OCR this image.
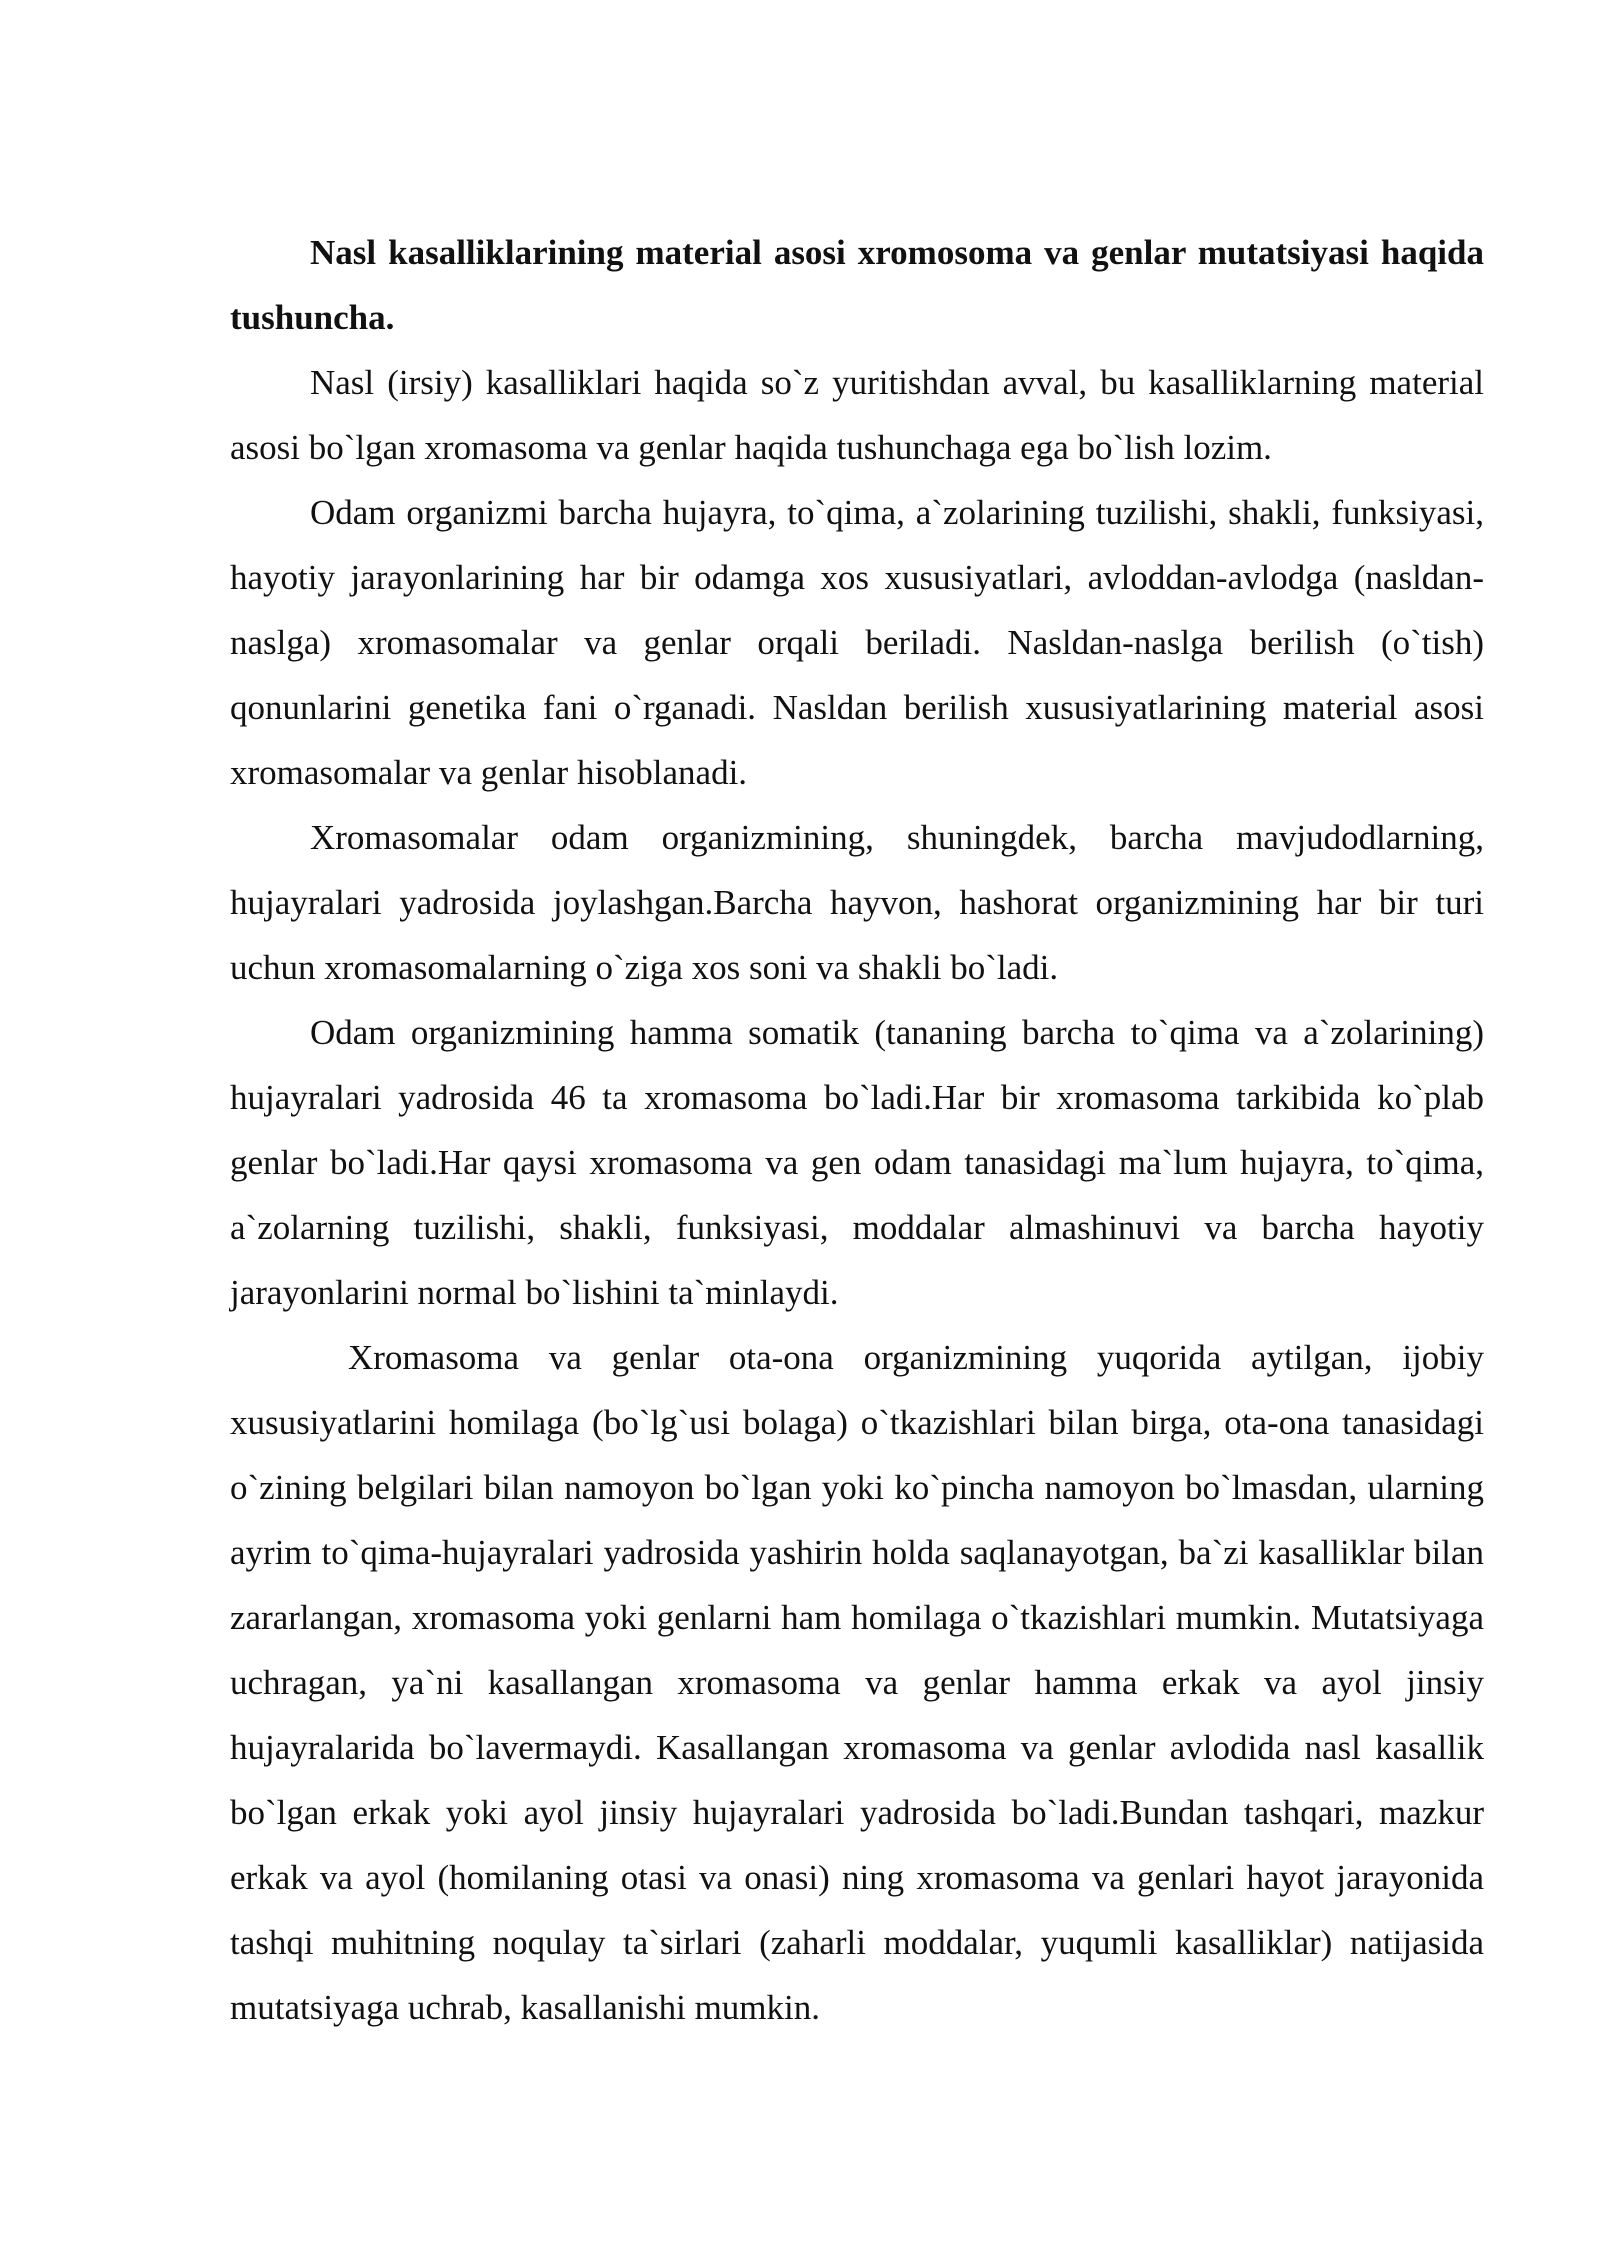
Nasl kasalliklarining material asosi xromosoma va genlar mutatsiyasi haqida tushuncha.

Nasl (irsiy) kasalliklari haqida so`z yuritishdan avval, bu kasalliklarning material asosi bo`lgan xromasoma va genlar haqida tushunchaga ega bo`lish lozim.

Odam organizmi barcha hujayra, to`qima, a`zolarining tuzilishi, shakli, funksiyasi, hayotiy jarayonlarining har bir odamga xos xususiyatlari, avloddan-avlodga (nasldan-naslga) xromasomalar va genlar orqali beriladi. Nasldan-naslga berilish (o`tish) qonunlarini genetika fani o`rganadi. Nasldan berilish xususiyatlarining material asosi xromasomalar va genlar hisoblanadi.

Xromasomalar odam organizmining, shuningdek, barcha mavjudodlarning, hujayralari yadrosida joylashgan.Barcha hayvon, hashorat organizmining har bir turi uchun xromasomalarning o`ziga xos soni va shakli bo`ladi.

Odam organizmining hamma somatik (tananing barcha to`qima va a`zolarining) hujayralari yadrosida 46 ta xromasoma bo`ladi.Har bir xromasoma tarkibida ko`plab genlar bo`ladi.Har qaysi xromasoma va gen odam tanasidagi ma`lum hujayra, to`qima, a`zolarning tuzilishi, shakli, funksiyasi, moddalar almashinuvi va barcha hayotiy jarayonlarini normal bo`lishini ta`minlaydi.

Xromasoma va genlar ota-ona organizmining yuqorida aytilgan, ijobiy xususiyatlarini homilaga (bo`lg`usi bolaga) o`tkazishlari bilan birga, ota-ona tanasidagi o`zining belgilari bilan namoyon bo`lgan yoki ko`pincha namoyon bo`lmasdan, ularning ayrim to`qima-hujayralari yadrosida yashirin holda saqlanayotgan, ba`zi kasalliklar bilan zararlangan, xromasoma yoki genlarni ham homilaga o`tkazishlari mumkin. Mutatsiyaga uchragan, ya`ni kasallangan xromasoma va genlar hamma erkak va ayol jinsiy hujayralarida bo`lavermaydi. Kasallangan xromasoma va genlar avlodida nasl kasallik bo`lgan erkak yoki ayol jinsiy hujayralari yadrosida bo`ladi.Bundan tashqari, mazkur erkak va ayol (homilaning otasi va onasi) ning xromasoma va genlari hayot jarayonida tashqi muhitning noqulay ta`sirlari (zaharli moddalar, yuqumli kasalliklar) natijasida mutatsiyaga uchrab, kasallanishi mumkin.
